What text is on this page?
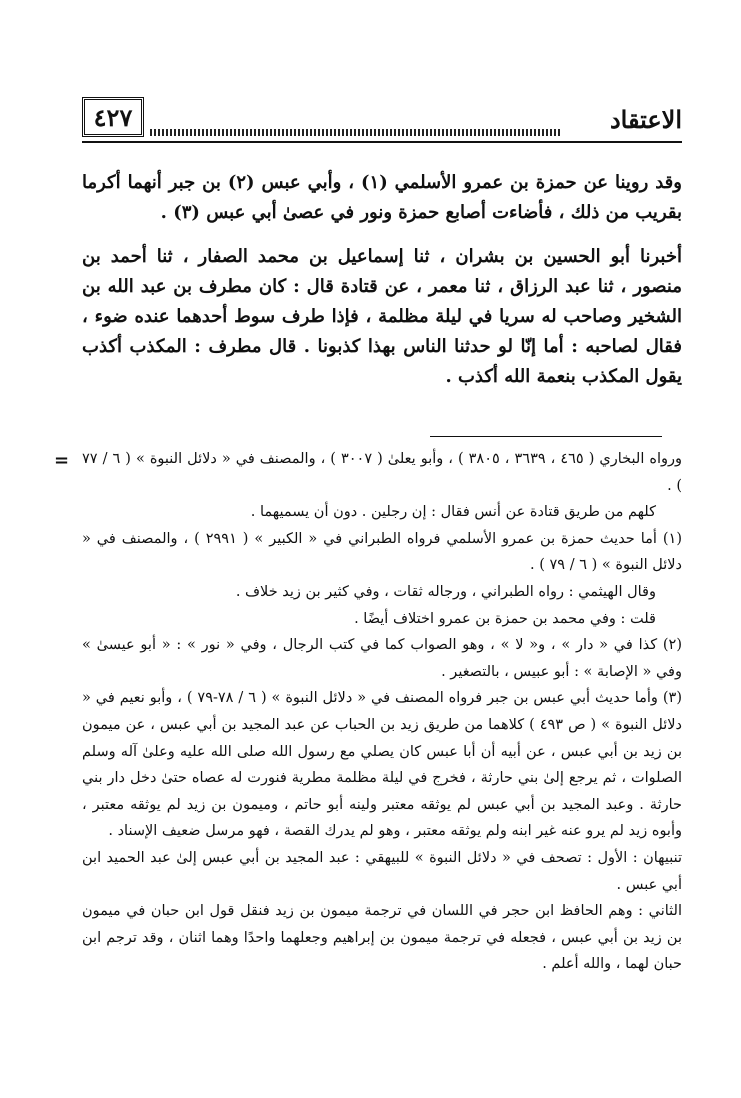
٤٢٧	الاعتقاد

وقد روينا عن حمزة بن عمرو الأسلمي (١) ، وأبي عبس (٢) بن جبر أنهما أكرما بقريب من ذلك ، فأضاءت أصابع حمزة ونور في عصىٰ أبي عبس (٣) .

أخبرنا أبو الحسين بن بشران ، ثنا إسماعيل بن محمد الصفار ، ثنا أحمد بن منصور ، ثنا عبد الرزاق ، ثنا معمر ، عن قتادة قال : كان مطرف بن عبد الله بن الشخير وصاحب له سريا في ليلة مظلمة ، فإذا طرف سوط أحدهما عنده ضوء ، فقال لصاحبه : أما إنّا لو حدثنا الناس بهذا كذبونا . قال مطرف : المكذب أكذب يقول المكذب بنعمة الله أكذب .

= ورواه البخاري ( ٤٦٥ ، ٣٦٣٩ ، ٣٨٠٥ ) ، وأبو يعلىٰ ( ٣٠٠٧ ) ، والمصنف في « دلائل النبوة » ( ٦ / ٧٧ ) .

كلهم من طريق قتادة عن أنس فقال : إن رجلين . دون أن يسميهما .

(١) أما حديث حمزة بن عمرو الأسلمي فرواه الطبراني في « الكبير » ( ٢٩٩١ ) ، والمصنف في « دلائل النبوة » ( ٦ / ٧٩ ) .

وقال الهيثمي : رواه الطبراني ، ورجاله ثقات ، وفي كثير بن زيد خلاف .

قلت : وفي محمد بن حمزة بن عمرو اختلاف أيضًا .

(٢) كذا في « دار » ، و« لا » ، وهو الصواب كما في كتب الرجال ، وفي « نور » : « أبو عيسىٰ » وفي « الإصابة » : أبو عبيس ، بالتصغير .

(٣) وأما حديث أبي عبس بن جبر فرواه المصنف في « دلائل النبوة » ( ٦ / ٧٨-٧٩ ) ، وأبو نعيم في « دلائل النبوة » ( ص ٤٩٣ ) كلاهما من طريق زيد بن الحباب عن عبد المجيد بن أبي عبس ، عن ميمون بن زيد بن أبي عبس ، عن أبيه أن أبا عبس كان يصلي مع رسول الله صلى الله عليه وعلىٰ آله وسلم الصلوات ، ثم يرجع إلىٰ بني حارثة ، فخرج في ليلة مظلمة مطرية فنورت له عصاه حتىٰ دخل دار بني حارثة . وعبد المجيد بن أبي عبس لم يوثقه معتبر ولينه أبو حاتم ، وميمون بن زيد لم يوثقه معتبر ، وأبوه زيد لم يرو عنه غير ابنه ولم يوثقه معتبر ، وهو لم يدرك القصة ، فهو مرسل ضعيف الإسناد .

تنبيهان : الأول : تصحف في « دلائل النبوة » للبيهقي : عبد المجيد بن أبي عبس إلىٰ عبد الحميد ابن أبي عبس .

الثاني : وهم الحافظ ابن حجر في اللسان في ترجمة ميمون بن زيد فنقل قول ابن حبان في ميمون بن زيد بن أبي عبس ، فجعله في ترجمة ميمون بن إبراهيم وجعلهما واحدًا وهما اثنان ، وقد ترجم ابن حبان لهما ، والله أعلم .
